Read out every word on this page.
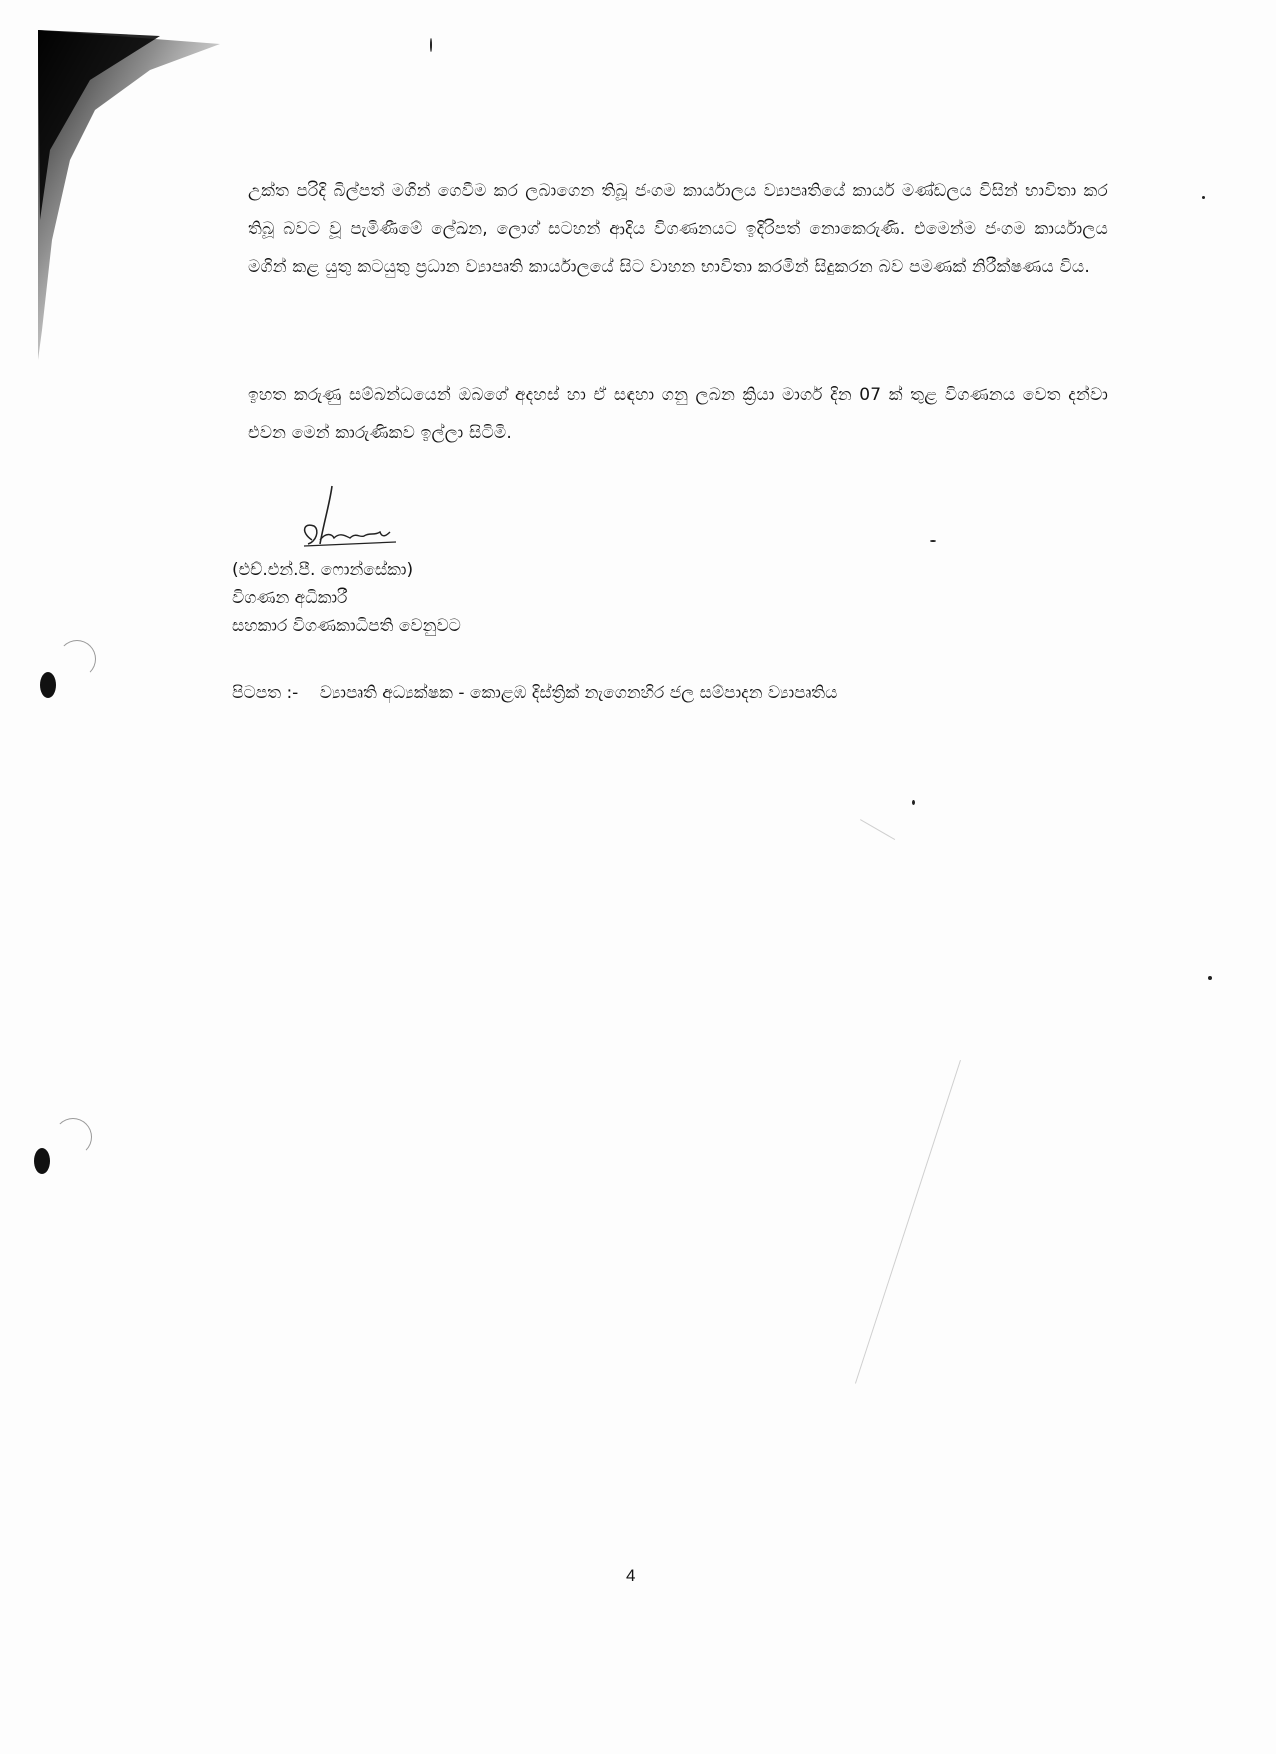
උක්ත පරිදි බිල්පත් මගින් ගෙවීම කර ලබාගෙන තිබූ ජංගම කාර්යාලය ව්‍යාපෘතියේ කාර්ය මණ්ඩලය විසින් භාවිතා කර තිබූ බවට වූ පැමිණීමේ ලේඛන, ලොග් සටහන් ආදිය විගණනයට ඉදිරිපත් නොකෙරුණි. එමෙන්ම ජංගම කාර්යාලය මගින් කළ යුතු කටයුතු ප්‍රධාන ව්‍යාපෘති කාර්යාලයේ සිට වාහන භාවිතා කරමින් සිදුකරන බව පමණක් නිරීක්ෂණය විය.

ඉහත කරුණු සම්බන්ධයෙන් ඔබගේ අදහස් හා ඒ සඳහා ගනු ලබන ක්‍රියා මාර්ග දින 07 ක් තුළ විගණනය වෙත දන්වා එවන මෙන් කාරුණිකව ඉල්ලා සිටිමි.

(එච්.එන්.පී. ෆොන්සේකා)
විගණන අධිකාරී
සහකාර විගණකාධිපති වෙනුවට
පිටපත :- ව්‍යාපෘති අධ්‍යක්ෂක - කොළඹ දිස්ත්‍රික් නැගෙනහිර ජල සම්පාදන ව්‍යාපෘතිය
4
